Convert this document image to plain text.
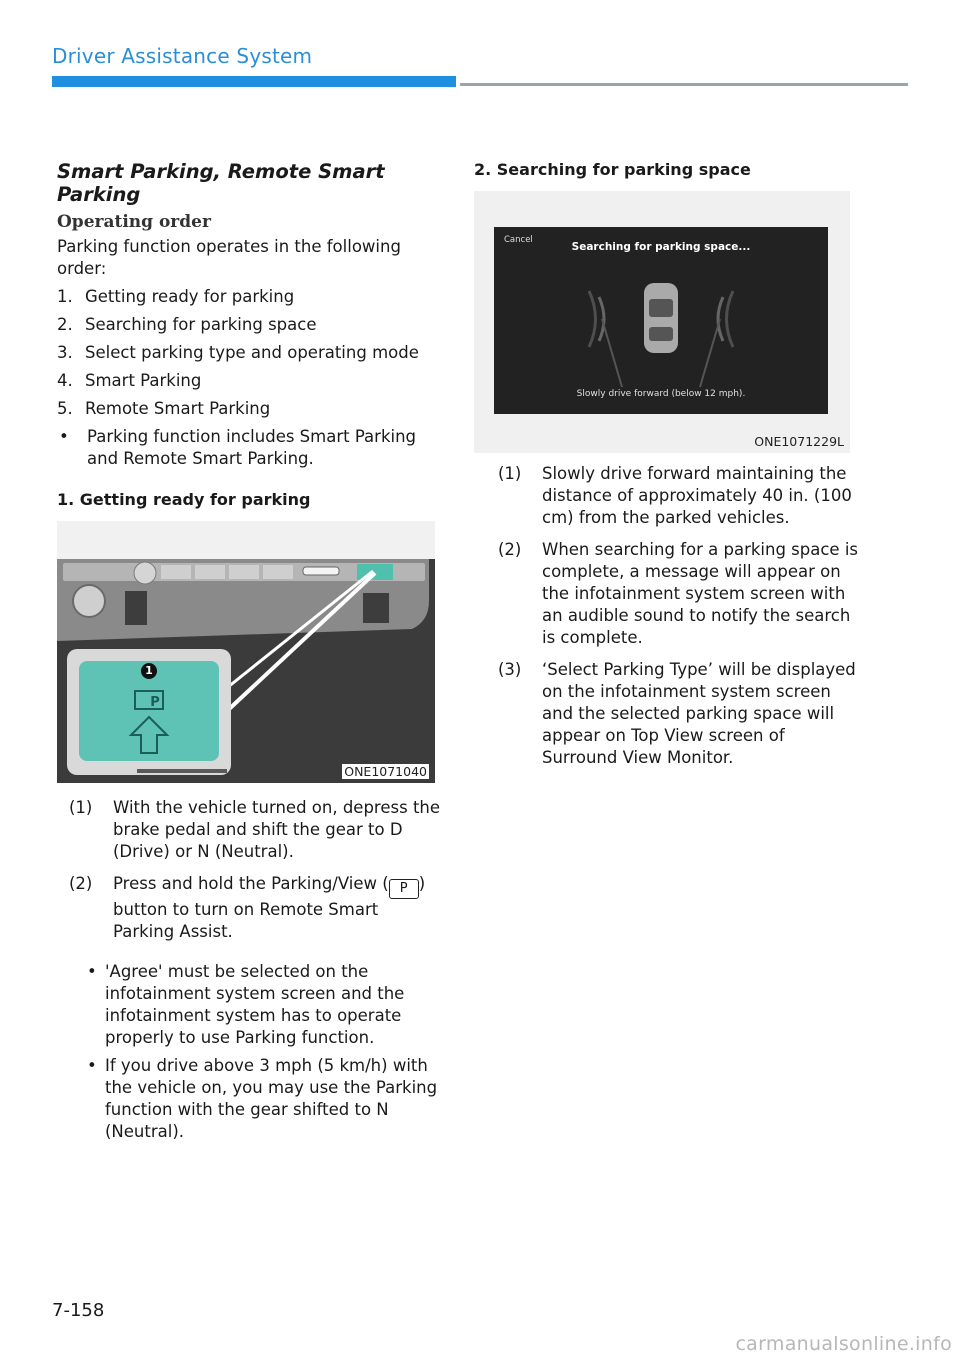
Driver Assistance System
Smart Parking, Remote Smart Parking
Operating order
Parking function operates in the following order:
1. Getting ready for parking
2. Searching for parking space
3. Select parking type and operating mode
4. Smart Parking
5. Remote Smart Parking
•	Parking function includes Smart Parking and Remote Smart Parking.
1. Getting ready for parking
1
P
ONE1071040
(1)	With the vehicle turned on, depress the brake pedal and shift the gear to D (Drive) or N (Neutral).
(2)	Press and hold the Parking/View ( P ) button to turn on Remote Smart Parking Assist.
• 'Agree' must be selected on the infotainment system screen and the infotainment system has to operate properly to use Parking function.
• If you drive above 3 mph (5 km/h) with the vehicle on, you may use the Parking function with the gear shifted to N (Neutral).
2. Searching for parking space
Cancel
Searching for parking space...
Slowly drive forward (below 12 mph).
ONE1071229L
(1)	Slowly drive forward maintaining the distance of approximately 40 in. (100 cm) from the parked vehicles.
(2)	When searching for a parking space is complete, a message will appear on the infotainment system screen with an audible sound to notify the search is complete.
(3)	‘Select Parking Type’ will be displayed on the infotainment system screen and the selected parking space will appear on Top View screen of Surround View Monitor.
7-158
carmanualsonline.info
